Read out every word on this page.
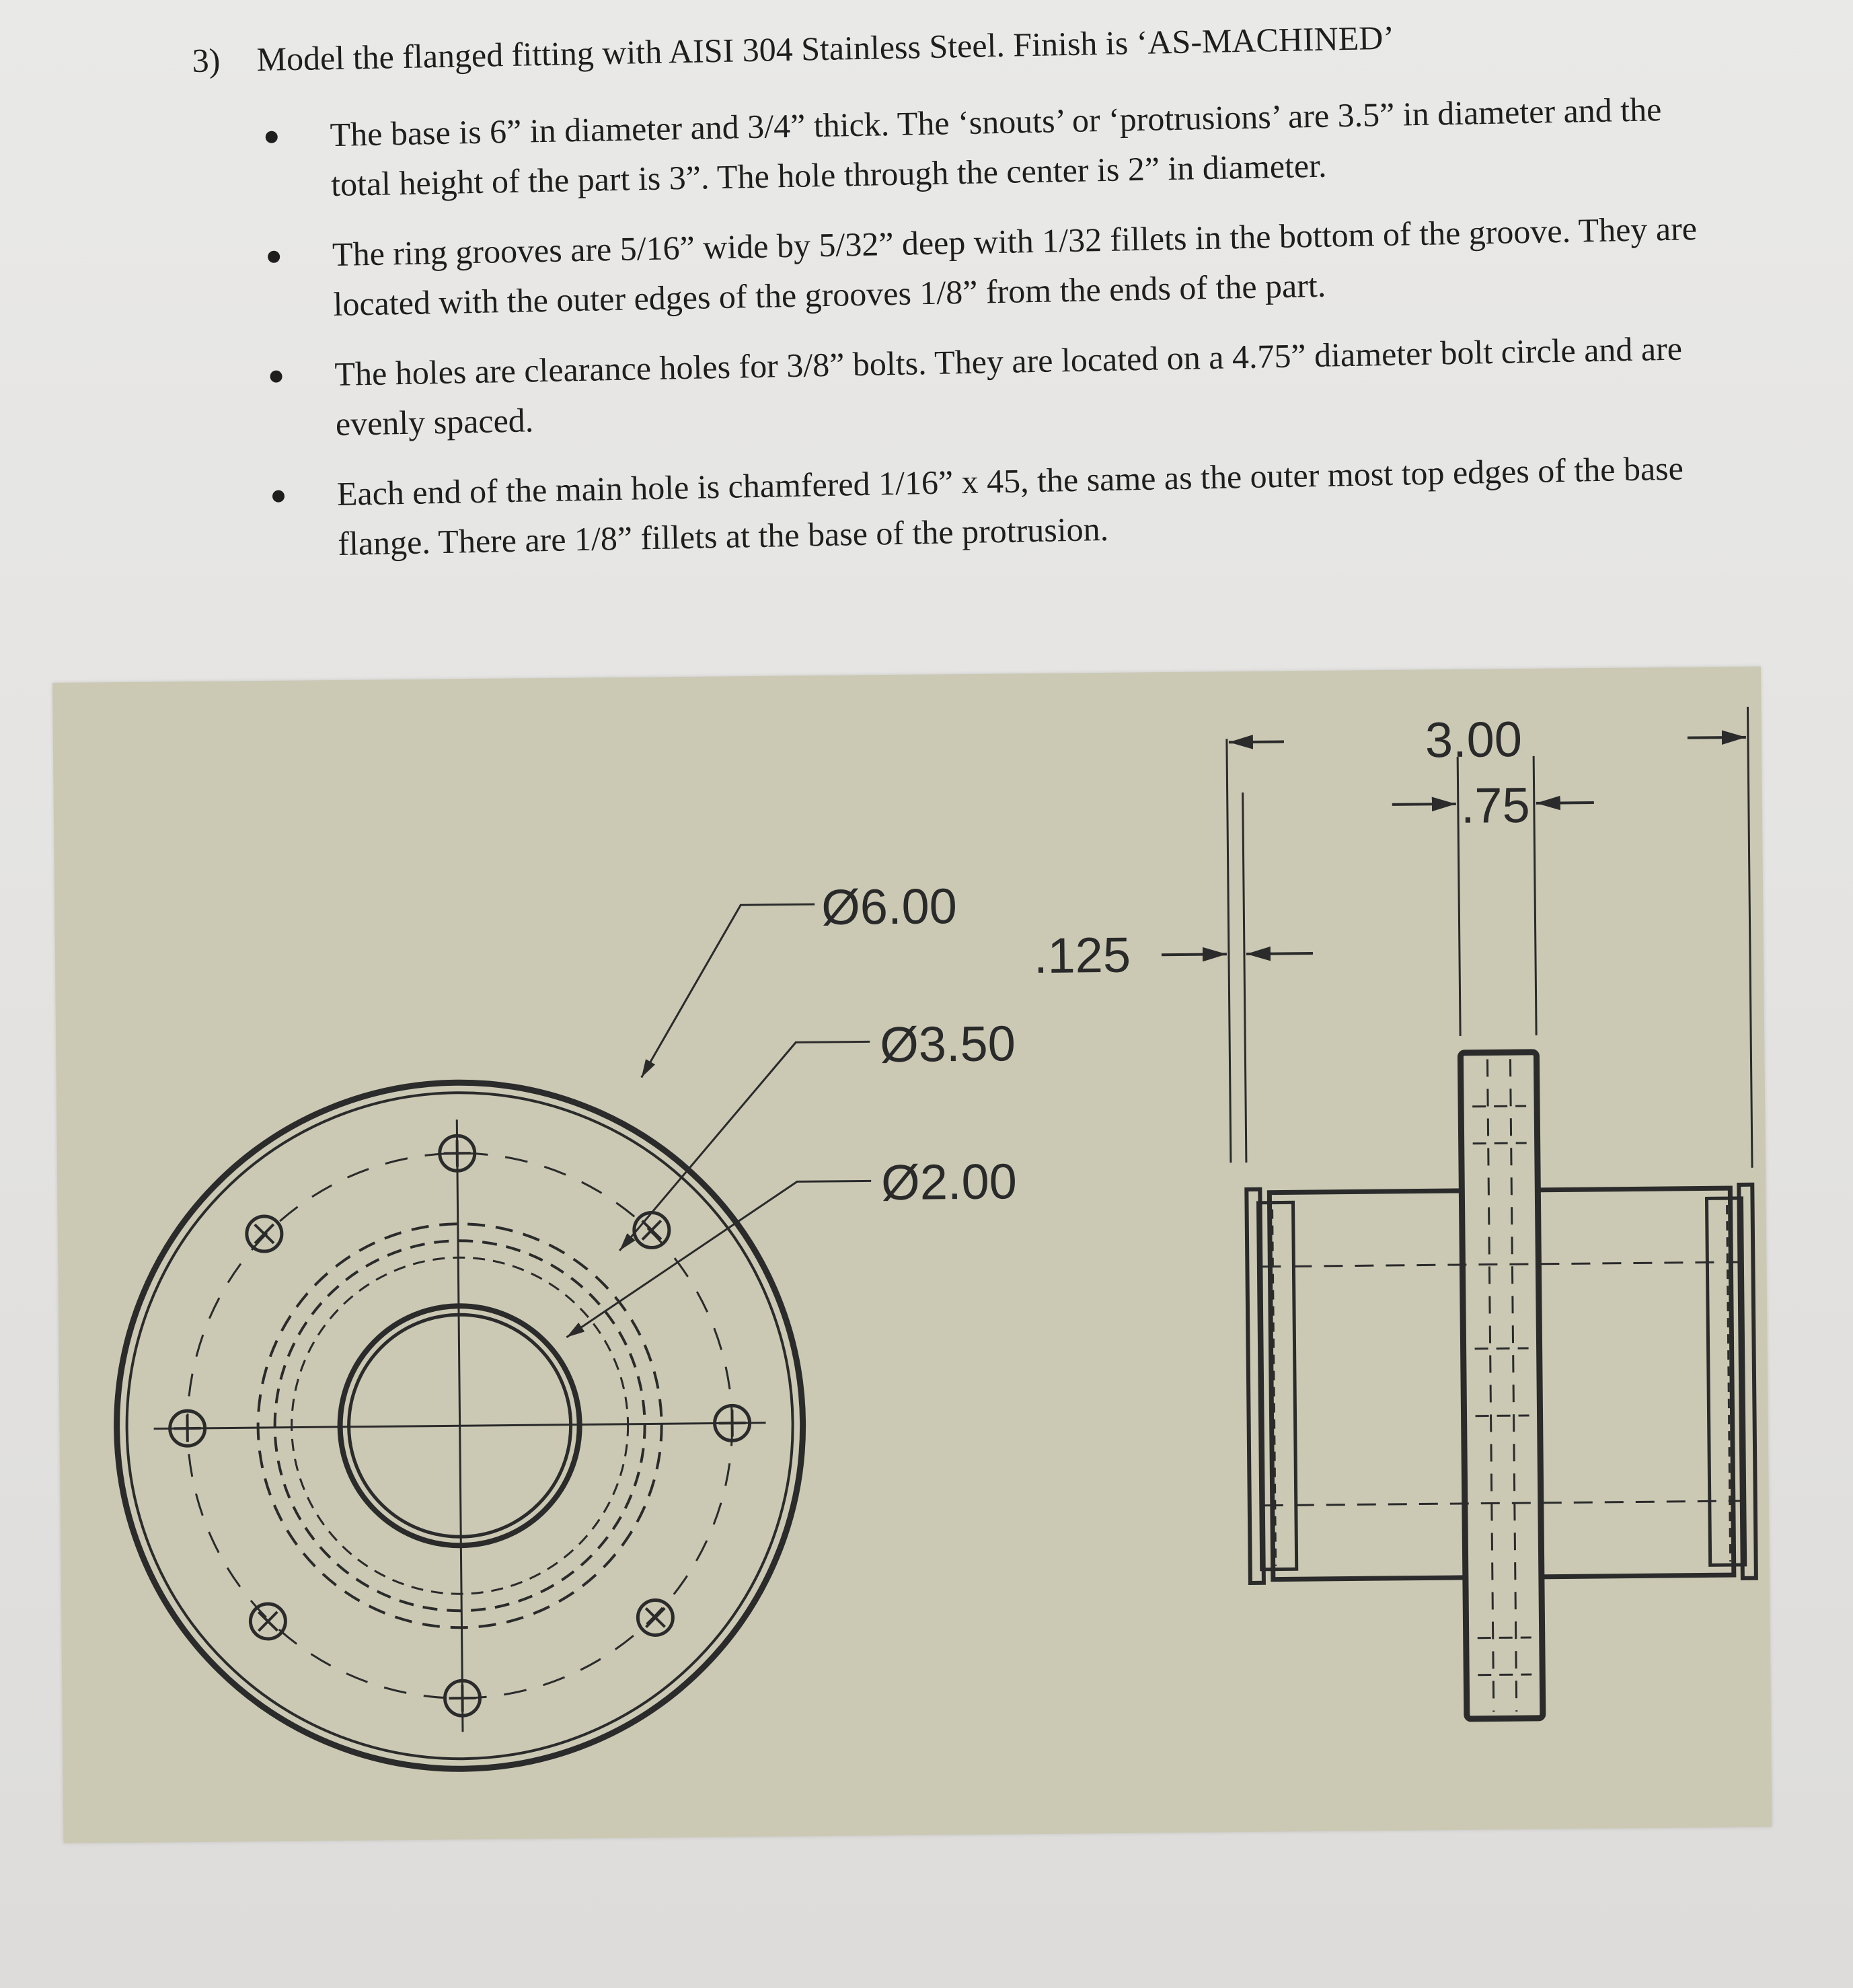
3) Model the flanged fitting with AISI 304 Stainless Steel. Finish is ‘AS-MACHINED’
The base is 6” in diameter and 3/4” thick. The ‘snouts’ or ‘protrusions’ are 3.5” in diameter and the total height of the part is 3”. The hole through the center is 2” in diameter.
The ring grooves are 5/16” wide by 5/32” deep with 1/32 fillets in the bottom of the groove. They are located with the outer edges of the grooves 1/8” from the ends of the part.
The holes are clearance holes for 3/8” bolts. They are located on a 4.75” diameter bolt circle and are evenly spaced.
Each end of the main hole is chamfered 1/16” x 45, the same as the outer most top edges of the base flange. There are 1/8” fillets at the base of the protrusion.
Ø6.00
Ø3.50
Ø2.00
3.00
.75
.125
